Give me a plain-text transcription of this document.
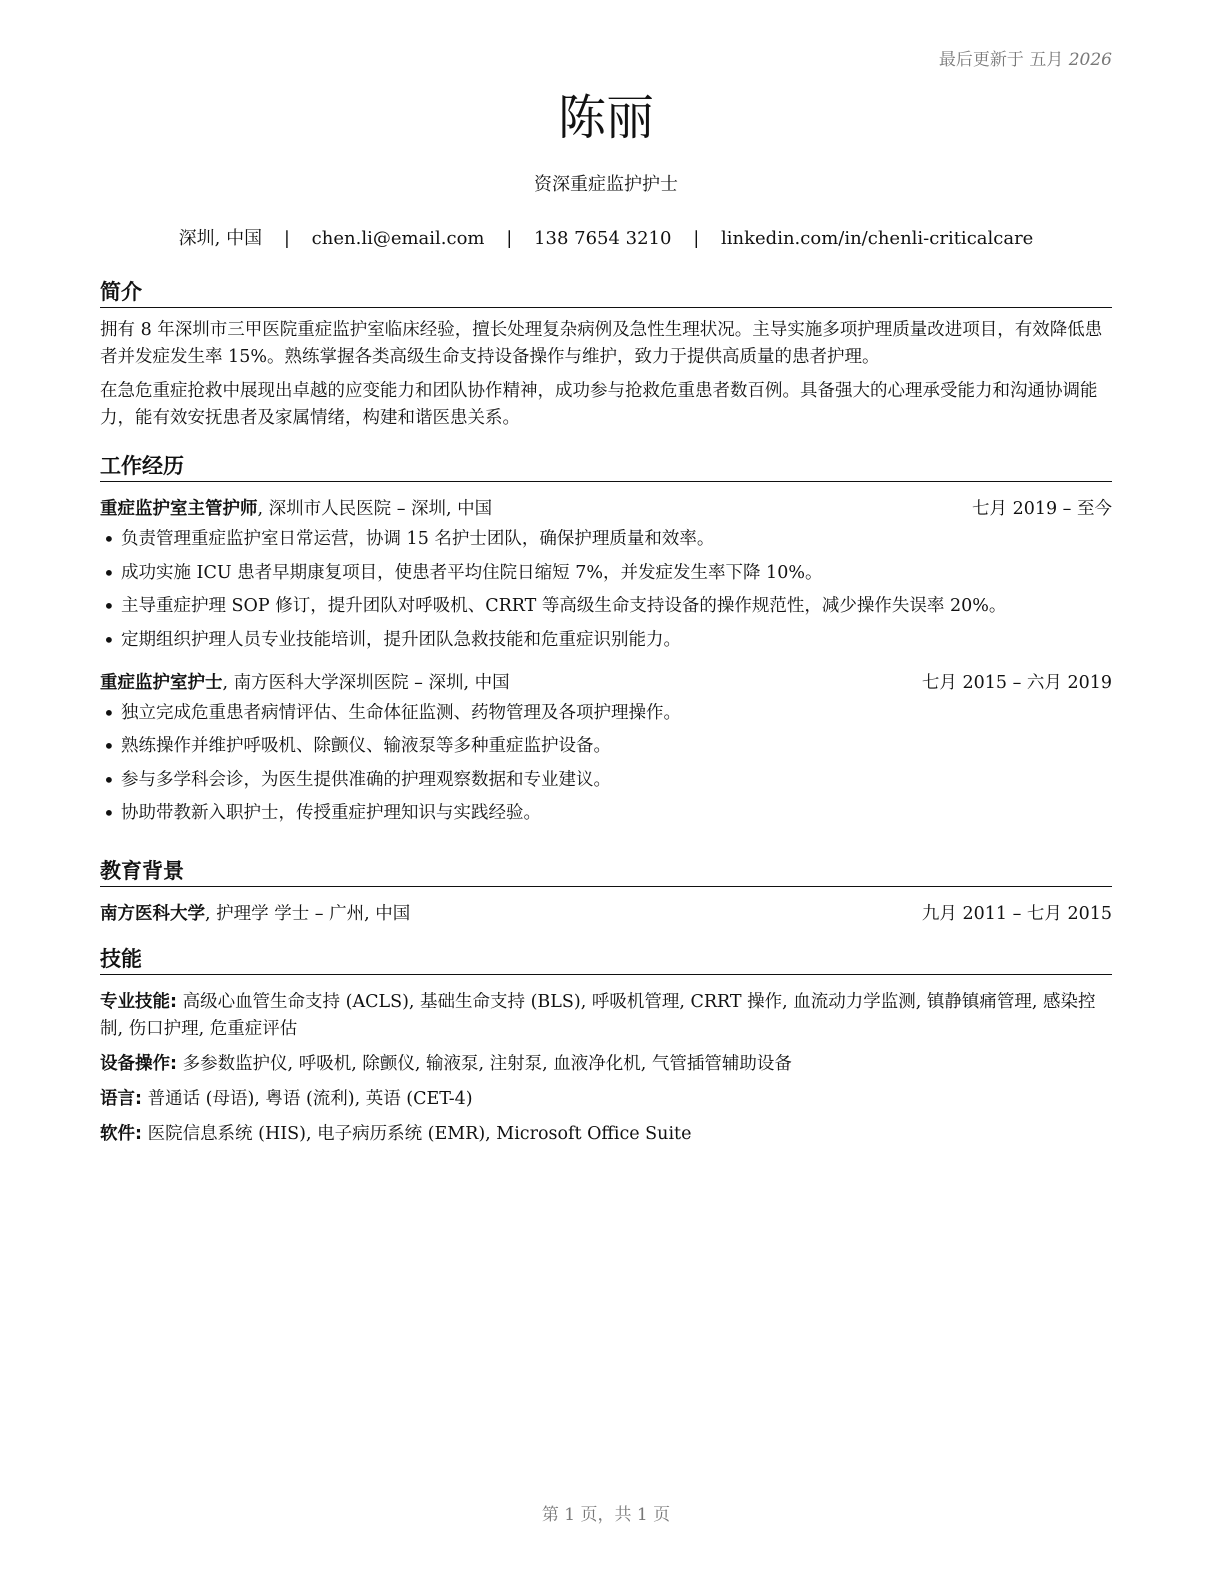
最后更新于 五月 2026
陈丽
资深重症监护护士
深圳, 中国 | chen.li@email.com | 138 7654 3210 | linkedin.com/in/chenli-criticalcare
简介

拥有 8 年深圳市三甲医院重症监护室临床经验，擅长处理复杂病例及急性生理状况。主导实施多项护理质量改进项目，有效降低患者并发症发生率 15%。熟练掌握各类高级生命支持设备操作与维护，致力于提供高质量的患者护理。

在急危重症抢救中展现出卓越的应变能力和团队协作精神，成功参与抢救危重患者数百例。具备强大的心理承受能力和沟通协调能力，能有效安抚患者及家属情绪，构建和谐医患关系。

工作经历
重症监护室主管护师, 深圳市人民医院 – 深圳, 中国	七月 2019 – 至今
• 负责管理重症监护室日常运营，协调 15 名护士团队，确保护理质量和效率。
• 成功实施 ICU 患者早期康复项目，使患者平均住院日缩短 7%，并发症发生率下降 10%。
• 主导重症护理 SOP 修订，提升团队对呼吸机、CRRT 等高级生命支持设备的操作规范性，减少操作失误率 20%。
• 定期组织护理人员专业技能培训，提升团队急救技能和危重症识别能力。
重症监护室护士, 南方医科大学深圳医院 – 深圳, 中国	七月 2015 – 六月 2019
• 独立完成危重患者病情评估、生命体征监测、药物管理及各项护理操作。
• 熟练操作并维护呼吸机、除颤仪、输液泵等多种重症监护设备。
• 参与多学科会诊，为医生提供准确的护理观察数据和专业建议。
• 协助带教新入职护士，传授重症护理知识与实践经验。
教育背景
南方医科大学, 护理学 学士 – 广州, 中国	九月 2011 – 七月 2015
技能
专业技能: 高级心血管生命支持 (ACLS), 基础生命支持 (BLS), 呼吸机管理, CRRT 操作, 血流动力学监测, 镇静镇痛管理, 感染控制, 伤口护理, 危重症评估
设备操作: 多参数监护仪, 呼吸机, 除颤仪, 输液泵, 注射泵, 血液净化机, 气管插管辅助设备
语言: 普通话 (母语), 粤语 (流利), 英语 (CET-4)
软件: 医院信息系统 (HIS), 电子病历系统 (EMR), Microsoft Office Suite
第 1 页，共 1 页
